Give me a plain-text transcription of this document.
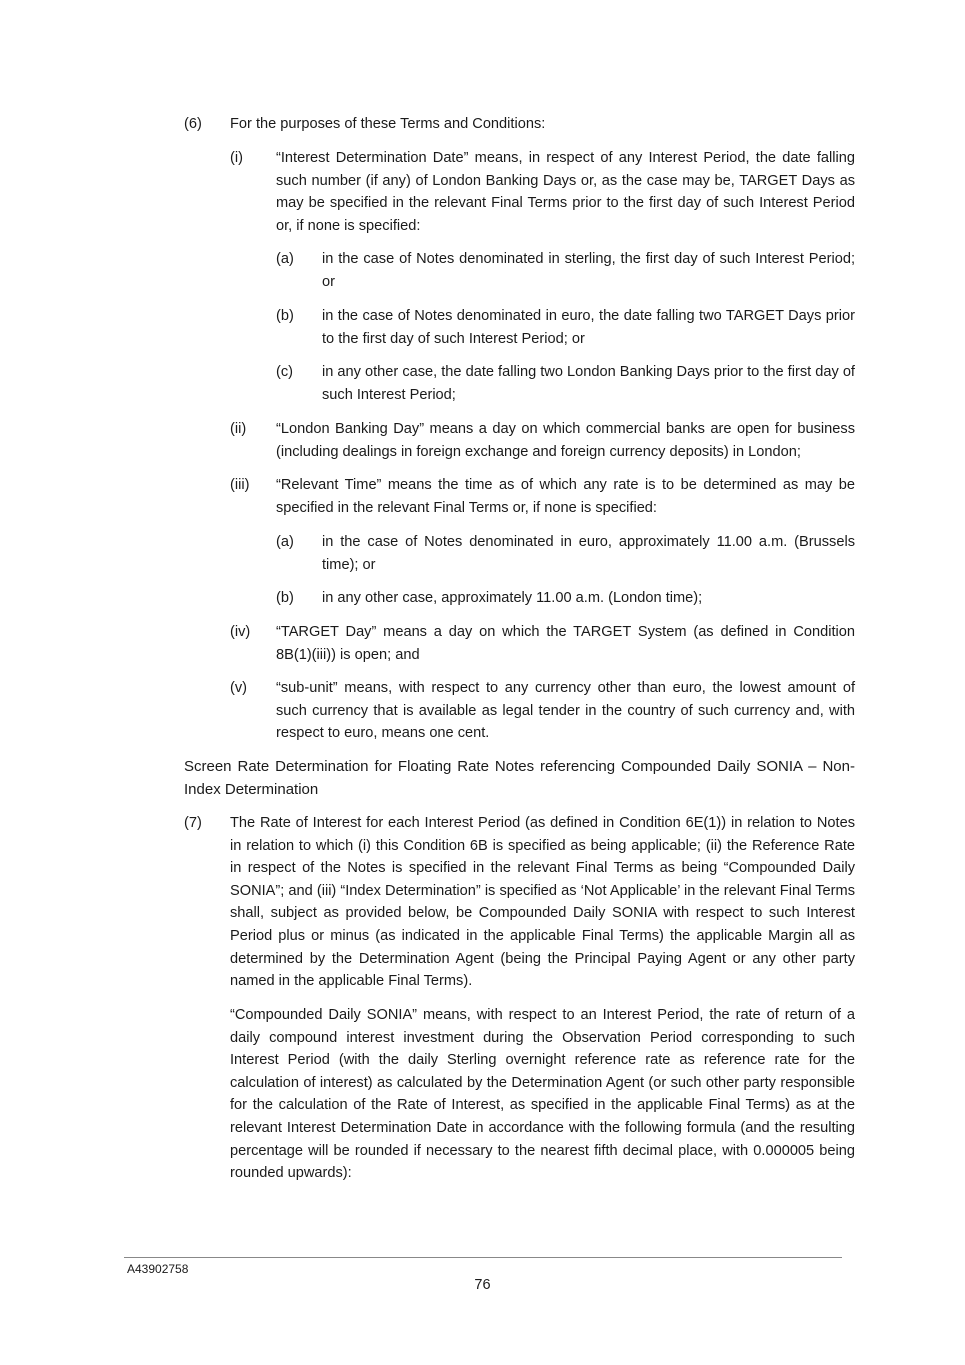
(6)	For the purposes of these Terms and Conditions:
(i)	“Interest Determination Date” means, in respect of any Interest Period, the date falling such number (if any) of London Banking Days or, as the case may be, TARGET Days as may be specified in the relevant Final Terms prior to the first day of such Interest Period or, if none is specified:
(a)	in the case of Notes denominated in sterling, the first day of such Interest Period; or
(b)	in the case of Notes denominated in euro, the date falling two TARGET Days prior to the first day of such Interest Period; or
(c)	in any other case, the date falling two London Banking Days prior to the first day of such Interest Period;
(ii)	“London Banking Day” means a day on which commercial banks are open for business (including dealings in foreign exchange and foreign currency deposits) in London;
(iii)	“Relevant Time” means the time as of which any rate is to be determined as may be specified in the relevant Final Terms or, if none is specified:
(a)	in the case of Notes denominated in euro, approximately 11.00 a.m. (Brussels time); or
(b)	in any other case, approximately 11.00 a.m. (London time);
(iv)	“TARGET Day” means a day on which the TARGET System (as defined in Condition 8B(1)(iii)) is open; and
(v)	“sub-unit” means, with respect to any currency other than euro, the lowest amount of such currency that is available as legal tender in the country of such currency and, with respect to euro, means one cent.
Screen Rate Determination for Floating Rate Notes referencing Compounded Daily SONIA – Non-Index Determination
(7)	The Rate of Interest for each Interest Period (as defined in Condition 6E(1)) in relation to Notes in relation to which (i) this Condition 6B is specified as being applicable; (ii) the Reference Rate in respect of the Notes is specified in the relevant Final Terms as being “Compounded Daily SONIA”; and (iii) “Index Determination” is specified as ‘Not Applicable’ in the relevant Final Terms shall, subject as provided below, be Compounded Daily SONIA with respect to such Interest Period plus or minus (as indicated in the applicable Final Terms) the applicable Margin all as determined by the Determination Agent (being the Principal Paying Agent or any other party named in the applicable Final Terms).
“Compounded Daily SONIA” means, with respect to an Interest Period, the rate of return of a daily compound interest investment during the Observation Period corresponding to such Interest Period (with the daily Sterling overnight reference rate as reference rate for the calculation of interest) as calculated by the Determination Agent (or such other party responsible for the calculation of the Rate of Interest, as specified in the applicable Final Terms) as at the relevant Interest Determination Date in accordance with the following formula (and the resulting percentage will be rounded if necessary to the nearest fifth decimal place, with 0.000005 being rounded upwards):
A43902758
76
